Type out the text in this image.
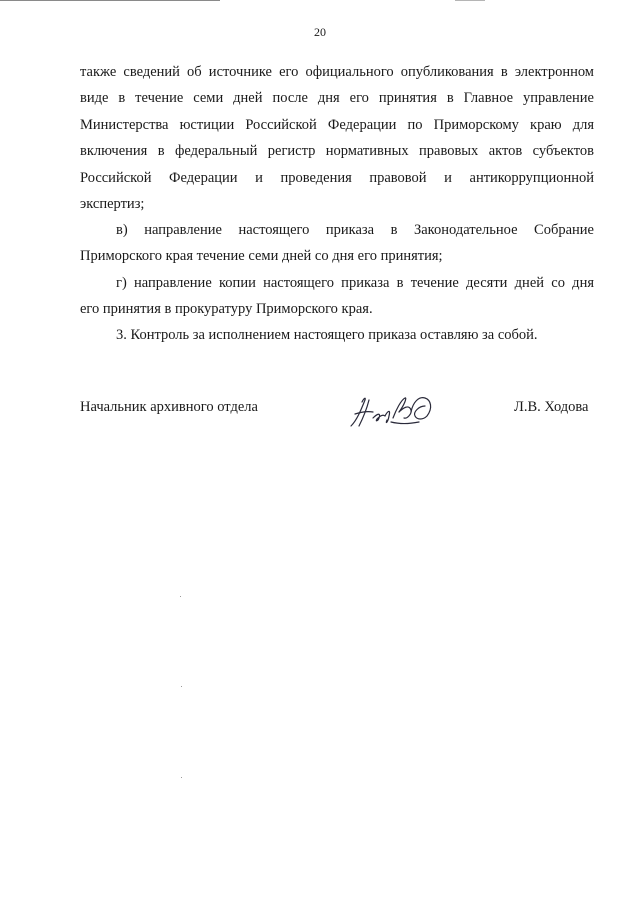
20

также сведений об источнике его официального опубликования в электронном
виде в течение семи дней после дня его принятия в Главное управление
Министерства юстиции Российской Федерации по Приморскому краю для
включения в федеральный регистр нормативных правовых актов субъектов
Российской Федерации и проведения правовой и антикоррупционной
экспертиз;

в) направление настоящего приказа в Законодательное Собрание
Приморского края течение семи дней со дня его принятия;

г) направление копии настоящего приказа в течение десяти дней со дня
его принятия в прокуратуру Приморского края.

3. Контроль за исполнением настоящего приказа оставляю за собой.

Начальник архивного отдела	Л.В. Ходова
